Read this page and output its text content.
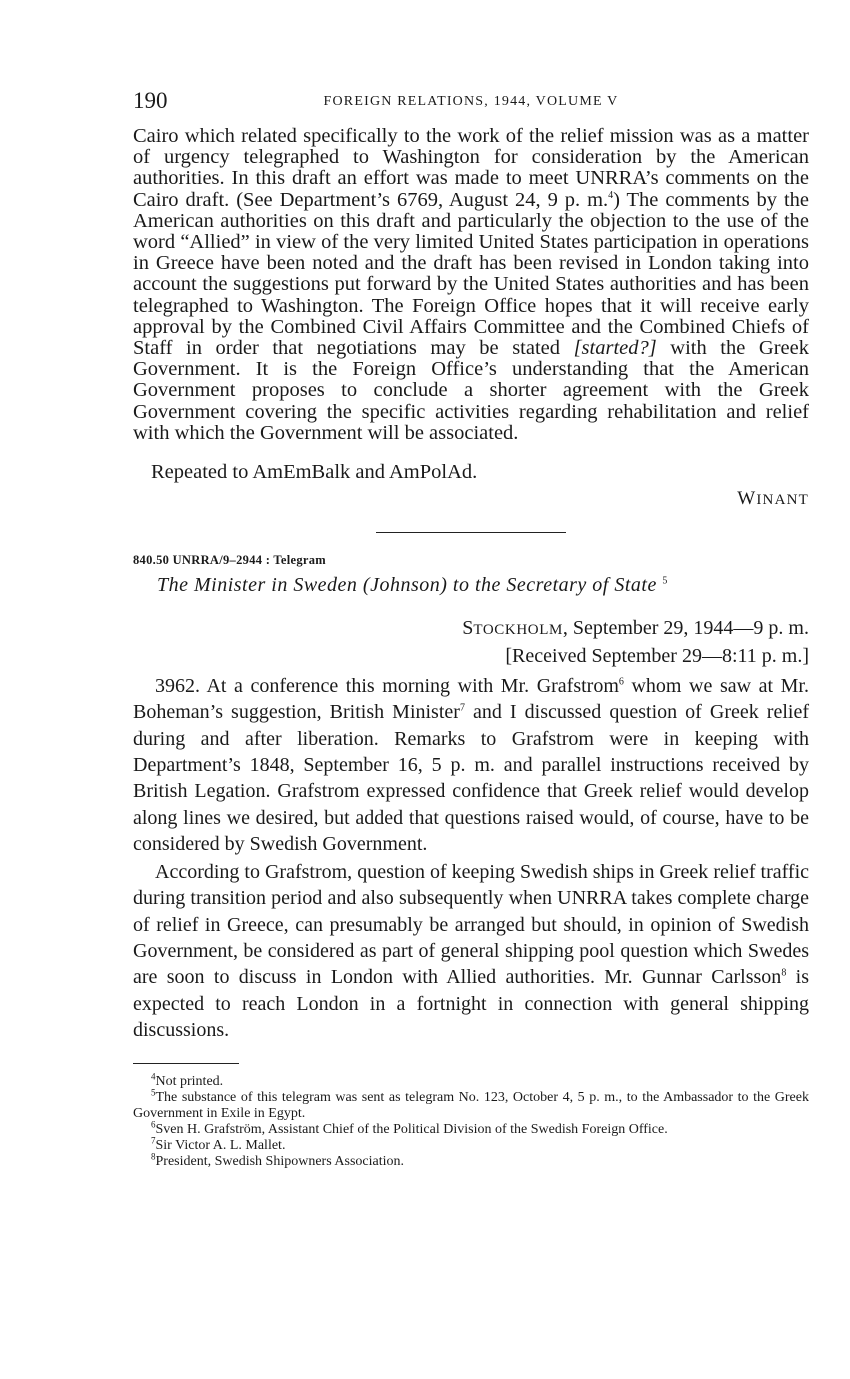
190	FOREIGN RELATIONS, 1944, VOLUME V

Cairo which related specifically to the work of the relief mission was as a matter of urgency telegraphed to Washington for consideration by the American authorities. In this draft an effort was made to meet UNRRA’s comments on the Cairo draft. (See Department’s 6769, August 24, 9 p. m.$^4$) The comments by the American authorities on this draft and particularly the objection to the use of the word “Allied” in view of the very limited United States participation in operations in Greece have been noted and the draft has been revised in London taking into account the suggestions put forward by the United States authorities and has been telegraphed to Washington. The Foreign Office hopes that it will receive early approval by the Combined Civil Affairs Committee and the Combined Chiefs of Staff in order that negotiations may be stated [started?] with the Greek Government. It is the Foreign Office’s understanding that the American Government proposes to conclude a shorter agreement with the Greek Government covering the specific activities regarding rehabilitation and relief with which the Government will be associated.

Repeated to AmEmBalk and AmPolAd.

WINANT
840.50 UNRRA/9–2944 : Telegram
The Minister in Sweden (Johnson) to the Secretary of State $^5$
STOCKHOLM, September 29, 1944—9 p. m.
[Received September 29—8:11 p. m.]

3962. At a conference this morning with Mr. Grafstrom$^6$ whom we saw at Mr. Boheman’s suggestion, British Minister$^7$ and I discussed question of Greek relief during and after liberation. Remarks to Grafstrom were in keeping with Department’s 1848, September 16, 5 p. m. and parallel instructions received by British Legation. Grafstrom expressed confidence that Greek relief would develop along lines we desired, but added that questions raised would, of course, have to be considered by Swedish Government.

According to Grafstrom, question of keeping Swedish ships in Greek relief traffic during transition period and also subsequently when UNRRA takes complete charge of relief in Greece, can presumably be arranged but should, in opinion of Swedish Government, be considered as part of general shipping pool question which Swedes are soon to discuss in London with Allied authorities. Mr. Gunnar Carlsson$^8$ is expected to reach London in a fortnight in connection with general shipping discussions.

$^4$Not printed.

$^5$The substance of this telegram was sent as telegram No. 123, October 4, 5 p. m., to the Ambassador to the Greek Government in Exile in Egypt.

$^6$Sven H. Grafström, Assistant Chief of the Political Division of the Swedish Foreign Office.

$^7$Sir Victor A. L. Mallet.

$^8$President, Swedish Shipowners Association.
